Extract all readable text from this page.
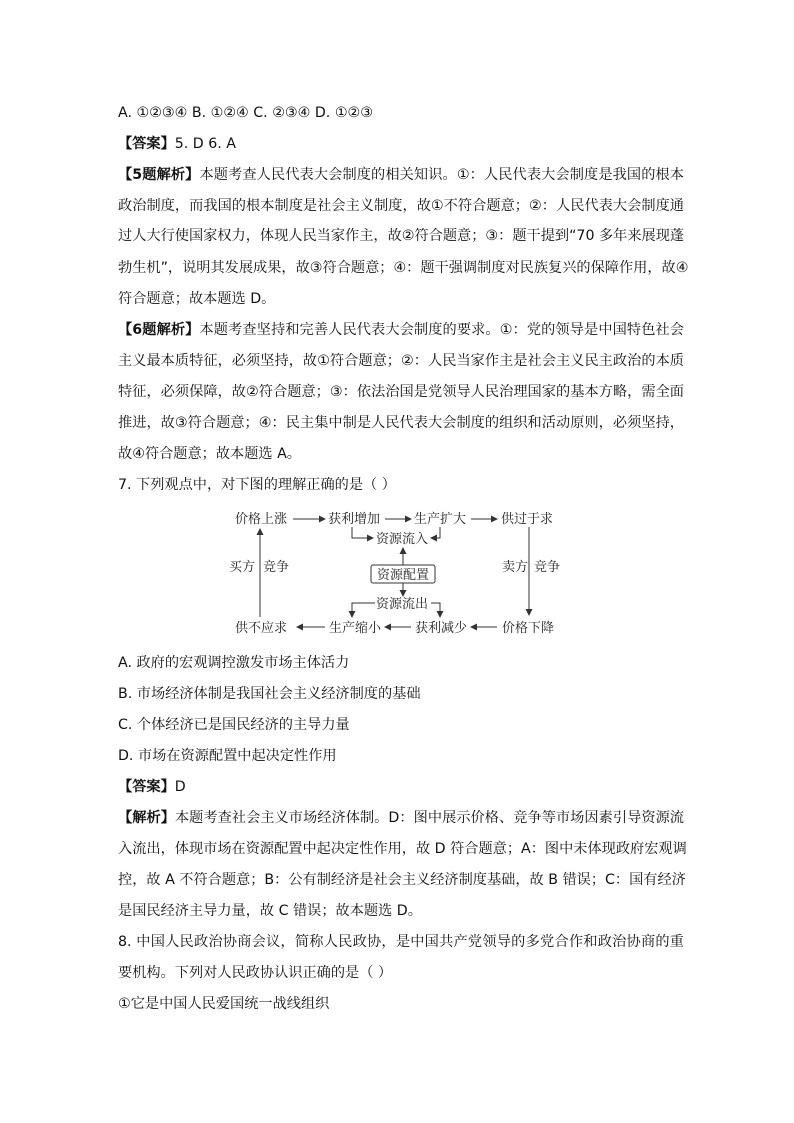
A. ①②③④ B. ①②④ C. ②③④ D. ①②③
【答案】5. D 6. A
【5题解析】本题考查人民代表大会制度的相关知识。①：人民代表大会制度是我国的根本
政治制度，而我国的根本制度是社会主义制度，故①不符合题意；②：人民代表大会制度通
过人大行使国家权力，体现人民当家作主，故②符合题意；③：题干提到“70 多年来展现蓬
勃生机”，说明其发展成果，故③符合题意；④：题干强调制度对民族复兴的保障作用，故④
符合题意；故本题选 D。
【6题解析】本题考查坚持和完善人民代表大会制度的要求。①：党的领导是中国特色社会
主义最本质特征，必须坚持，故①符合题意；②：人民当家作主是社会主义民主政治的本质
特征，必须保障，故②符合题意；③：依法治国是党领导人民治理国家的基本方略，需全面
推进，故③符合题意；④：民主集中制是人民代表大会制度的组织和活动原则，必须坚持，
故④符合题意；故本题选 A。
7. 下列观点中，对下图的理解正确的是（ ）
价格上涨	获利增加	生产扩大	供过于求
资源流入
资源配置
资源流出
买方 竞争	卖方 竞争
供不应求	生产缩小	获利减少	价格下降
A. 政府的宏观调控激发市场主体活力
B. 市场经济体制是我国社会主义经济制度的基础
C. 个体经济已是国民经济的主导力量
D. 市场在资源配置中起决定性作用
【答案】D
【解析】本题考查社会主义市场经济体制。D：图中展示价格、竞争等市场因素引导资源流
入流出，体现市场在资源配置中起决定性作用，故 D 符合题意；A：图中未体现政府宏观调
控，故 A 不符合题意；B：公有制经济是社会主义经济制度基础，故 B 错误；C：国有经济
是国民经济主导力量，故 C 错误；故本题选 D。
8. 中国人民政治协商会议，简称人民政协，是中国共产党领导的多党合作和政治协商的重
要机构。下列对人民政协认识正确的是（ ）
①它是中国人民爱国统一战线组织
